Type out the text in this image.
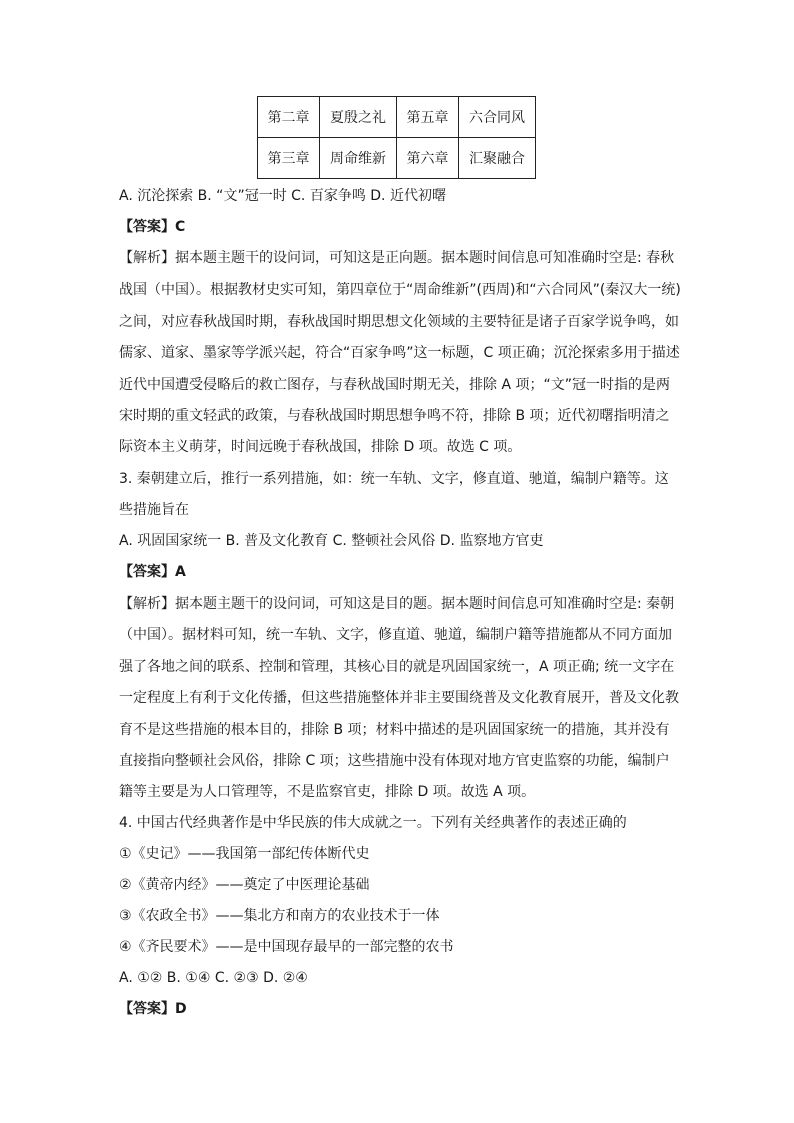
第二章	夏殷之礼	第五章	六合同风
第三章	周命维新	第六章	汇聚融合
A. 沉沦探索 B. “文”冠一时 C. 百家争鸣 D. 近代初曙
【答案】C
【解析】据本题主题干的设问词，可知这是正向题。据本题时间信息可知准确时空是: 春秋
战国（中国）。根据教材史实可知，第四章位于“周命维新”(西周)和“六合同风”(秦汉大一统)
之间，对应春秋战国时期，春秋战国时期思想文化领域的主要特征是诸子百家学说争鸣，如
儒家、道家、墨家等学派兴起，符合“百家争鸣”这一标题，C 项正确；沉沦探索多用于描述
近代中国遭受侵略后的救亡图存，与春秋战国时期无关，排除 A 项；“文”冠一时指的是两
宋时期的重文轻武的政策，与春秋战国时期思想争鸣不符，排除 B 项；近代初曙指明清之
际资本主义萌芽，时间远晚于春秋战国，排除 D 项。故选 C 项。
3. 秦朝建立后，推行一系列措施，如：统一车轨、文字，修直道、驰道，编制户籍等。这
些措施旨在
A. 巩固国家统一 B. 普及文化教育 C. 整顿社会风俗 D. 监察地方官吏
【答案】A
【解析】据本题主题干的设问词，可知这是目的题。据本题时间信息可知准确时空是: 秦朝
（中国）。据材料可知，统一车轨、文字，修直道、驰道，编制户籍等措施都从不同方面加
强了各地之间的联系、控制和管理，其核心目的就是巩固国家统一，A 项正确; 统一文字在
一定程度上有利于文化传播，但这些措施整体并非主要围绕普及文化教育展开，普及文化教
育不是这些措施的根本目的，排除 B 项；材料中描述的是巩固国家统一的措施，其并没有
直接指向整顿社会风俗，排除 C 项；这些措施中没有体现对地方官吏监察的功能，编制户
籍等主要是为人口管理等，不是监察官吏，排除 D 项。故选 A 项。
4. 中国古代经典著作是中华民族的伟大成就之一。下列有关经典著作的表述正确的
①《史记》——我国第一部纪传体断代史
②《黄帝内经》——奠定了中医理论基础
③《农政全书》——集北方和南方的农业技术于一体
④《齐民要术》——是中国现存最早的一部完整的农书
A. ①② B. ①④ C. ②③ D. ②④
【答案】D
